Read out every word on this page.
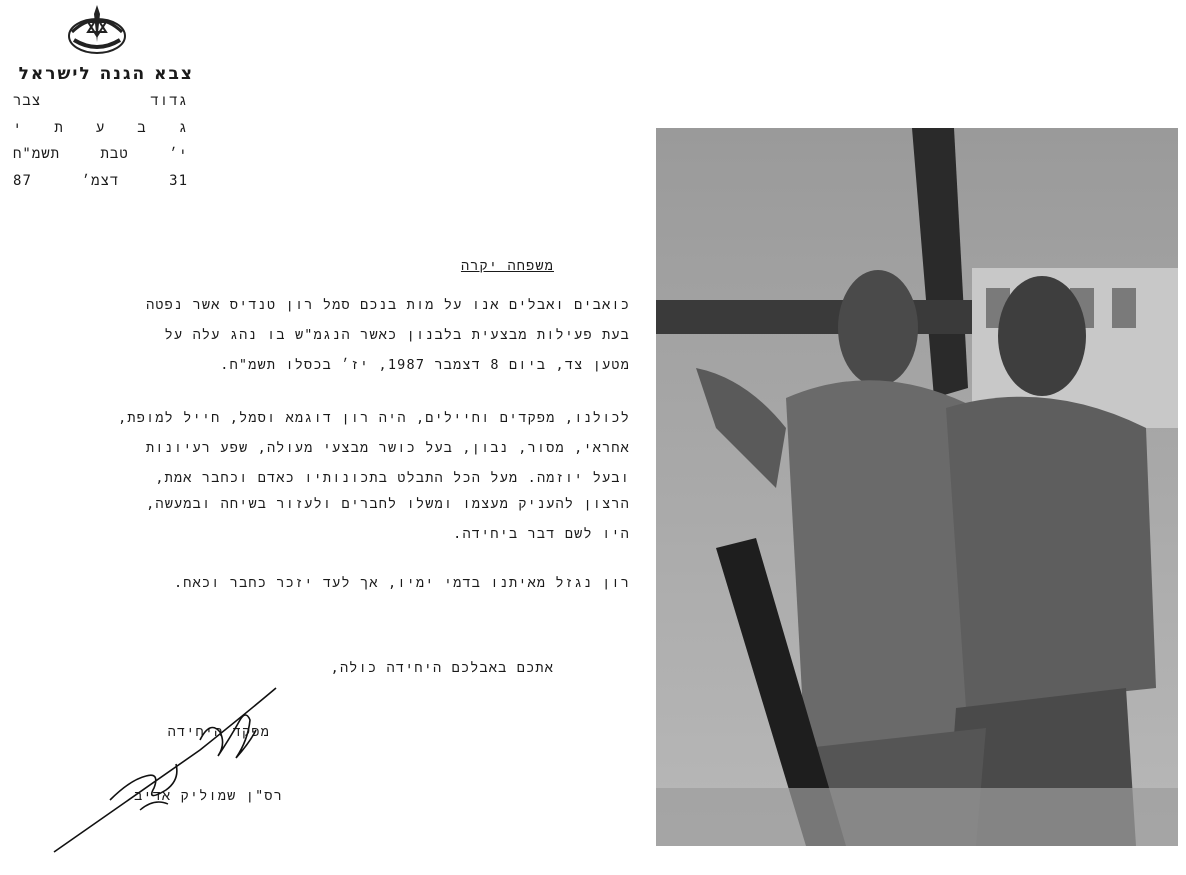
צבא הגנה לישראל
גדוד
צבר
ג
ב
ע
ת
י
י׳
טבת
תשמ"ח
31
דצמ׳
87
משפחה יקרה
כואבים ואבלים אנו על מות בנכם סמל רון טנדיס אשר נפטה
בעת פעילות מבצעית בלבנון כאשר הנגמ"ש בו נהג עלה על
מטען צד, ביום 8 דצמבר 1987, יז׳ בכסלו תשמ"ח.
לכולנו, מפקדים וחיילים, היה רון דוגמא וסמל, חייל למופת,
אחראי, מסור, נבון, בעל כושר מבצעי מעולה, שפע רעיונות
ובעל יוזמה. מעל הכל התבלט בתכונותיו כאדם וכחבר אמת,
הרצון להעניק מעצמו ומשלו לחברים ולעזור בשיחה ובמעשה,
היו לשם דבר ביחידה.
רון נגזל מאיתנו בדמי ימיו, אך לעד יזכר כחבר וכאח.
אתכם באבלכם היחידה כולה,
מפקד היחידה
רס"ן שמוליק אדיב
